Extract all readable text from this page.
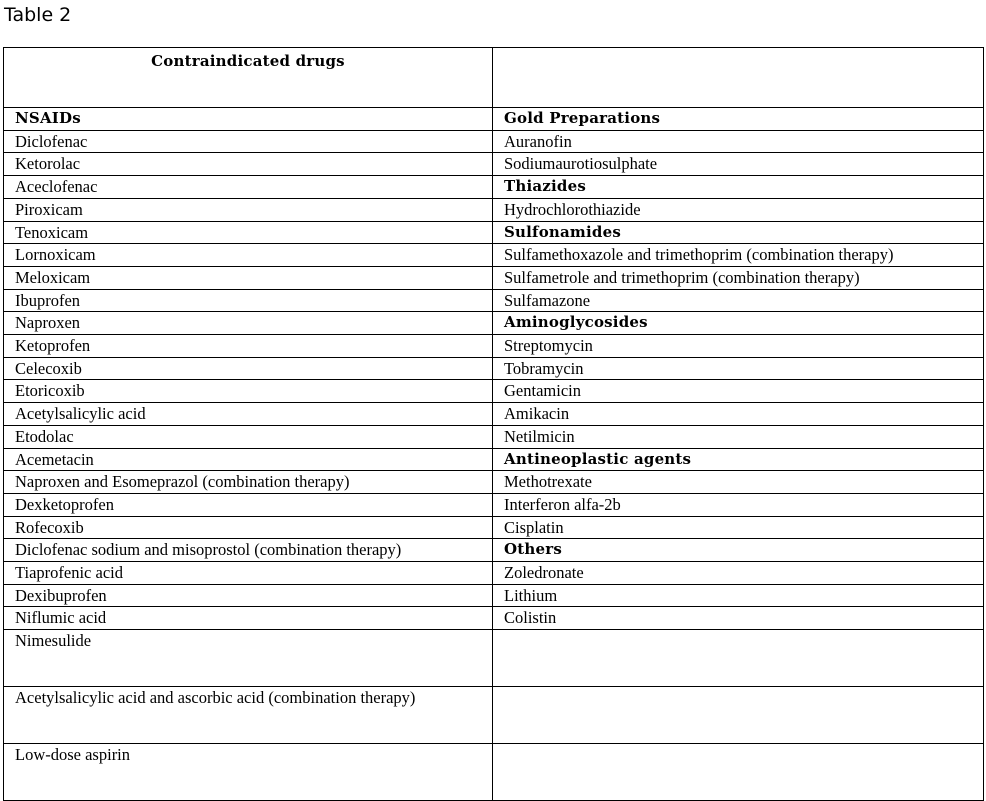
Table 2
Contraindicated drugs	
NSAIDs	Gold Preparations
Diclofenac	Auranofin
Ketorolac	Sodiumaurotiosulphate
Aceclofenac	Thiazides
Piroxicam	Hydrochlorothiazide
Tenoxicam	Sulfonamides
Lornoxicam	Sulfamethoxazole and trimethoprim (combination therapy)
Meloxicam	Sulfametrole and trimethoprim (combination therapy)
Ibuprofen	Sulfamazone
Naproxen	Aminoglycosides
Ketoprofen	Streptomycin
Celecoxib	Tobramycin
Etoricoxib	Gentamicin
Acetylsalicylic acid	Amikacin
Etodolac	Netilmicin
Acemetacin	Antineoplastic agents
Naproxen and Esomeprazol (combination therapy)	Methotrexate
Dexketoprofen	Interferon alfa-2b
Rofecoxib	Cisplatin
Diclofenac sodium and misoprostol (combination therapy)	Others
Tiaprofenic acid	Zoledronate
Dexibuprofen	Lithium
Niflumic acid	Colistin
Nimesulide	
Acetylsalicylic acid and ascorbic acid (combination therapy)	
Low-dose aspirin	
